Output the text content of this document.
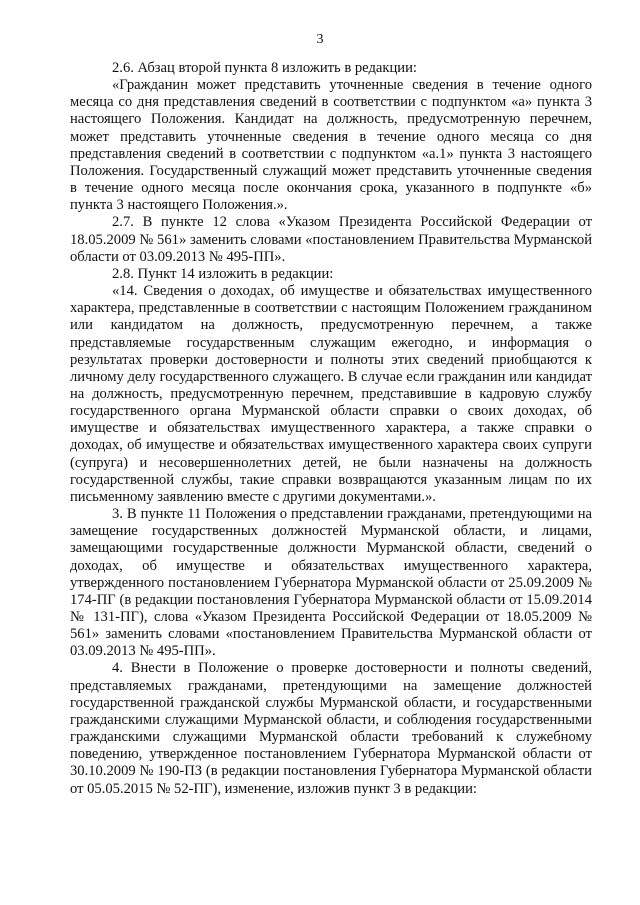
3

2.6. Абзац второй пункта 8 изложить в редакции:

«Гражданин может представить уточненные сведения в течение одного месяца со дня представления сведений в соответствии с подпунктом «а» пункта 3 настоящего Положения. Кандидат на должность, предусмотренную перечнем, может представить уточненные сведения в течение одного месяца со дня представления сведений в соответствии с подпунктом «а.1» пункта 3 настоящего Положения. Государственный служащий может представить уточненные сведения в течение одного месяца после окончания срока, указанного в подпункте «б» пункта 3 настоящего Положения.».

2.7. В пункте 12 слова «Указом Президента Российской Федерации от 18.05.2009 № 561» заменить словами «постановлением Правительства Мурманской области от 03.09.2013 № 495-ПП».

2.8. Пункт 14 изложить в редакции:

«14. Сведения о доходах, об имуществе и обязательствах имущественного характера, представленные в соответствии с настоящим Положением гражданином или кандидатом на должность, предусмотренную перечнем, а также представляемые государственным служащим ежегодно, и информация о результатах проверки достоверности и полноты этих сведений приобщаются к личному делу государственного служащего. В случае если гражданин или кандидат на должность, предусмотренную перечнем, представившие в кадровую службу государственного органа Мурманской области справки о своих доходах, об имуществе и обязательствах имущественного характера, а также справки о доходах, об имуществе и обязательствах имущественного характера своих супруги (супруга) и несовершеннолетних детей, не были назначены на должность государственной службы, такие справки возвращаются указанным лицам по их письменному заявлению вместе с другими документами.».

3. В пункте 11 Положения о представлении гражданами, претендующими на замещение государственных должностей Мурманской области, и лицами, замещающими государственные должности Мурманской области, сведений о доходах, об имуществе и обязательствах имущественного характера, утвержденного постановлением Губернатора Мурманской области от 25.09.2009 № 174-ПГ (в редакции постановления Губернатора Мурманской области от 15.09.2014 № 131-ПГ), слова «Указом Президента Российской Федерации от 18.05.2009 № 561» заменить словами «постановлением Правительства Мурманской области от 03.09.2013 № 495-ПП».

4. Внести в Положение о проверке достоверности и полноты сведений, представляемых гражданами, претендующими на замещение должностей государственной гражданской службы Мурманской области, и государственными гражданскими служащими Мурманской области, и соблюдения государственными гражданскими служащими Мурманской области требований к служебному поведению, утвержденное постановлением Губернатора Мурманской области от 30.10.2009 № 190-ПЗ (в редакции постановления Губернатора Мурманской области от 05.05.2015 № 52-ПГ), изменение, изложив пункт 3 в редакции:
